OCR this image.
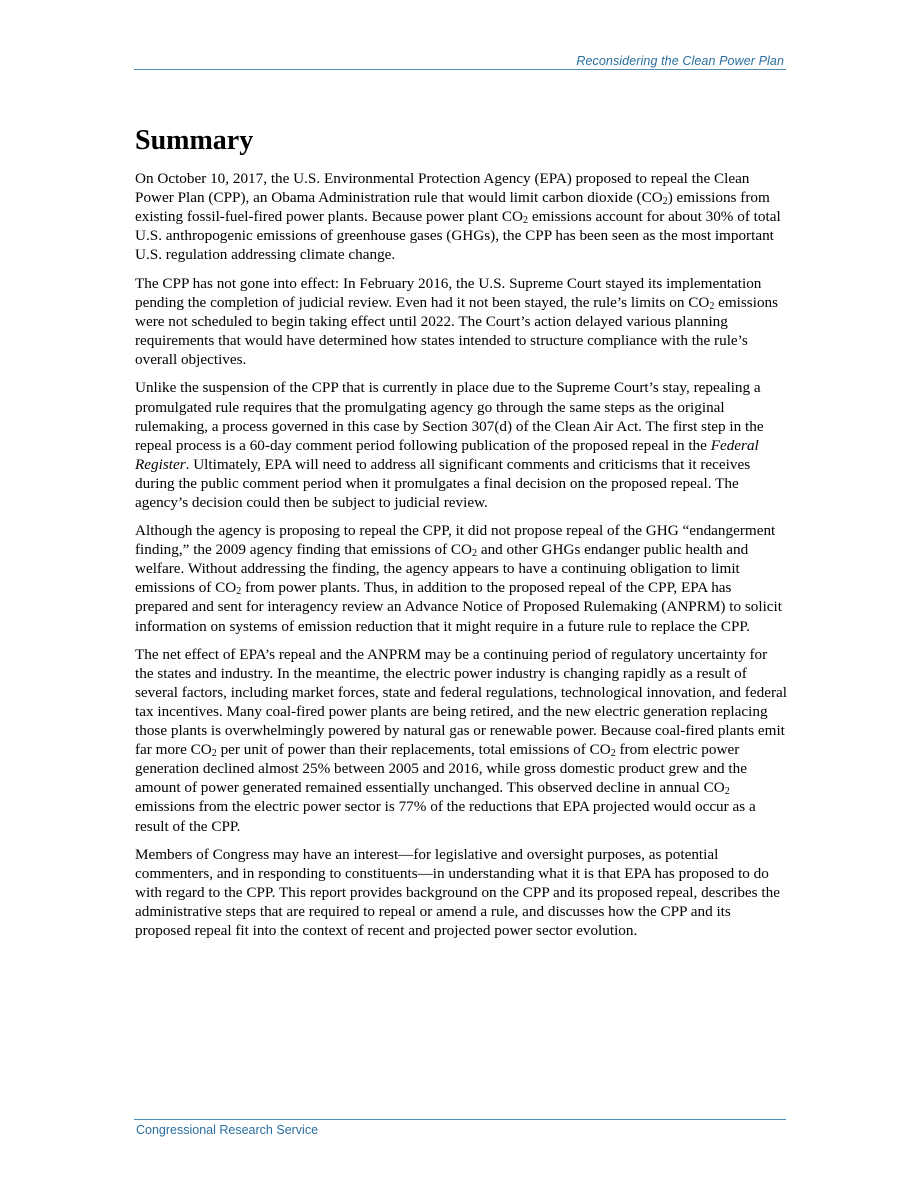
Reconsidering the Clean Power Plan
Summary

On October 10, 2017, the U.S. Environmental Protection Agency (EPA) proposed to repeal the Clean Power Plan (CPP), an Obama Administration rule that would limit carbon dioxide $(CO_2)$ emissions from existing fossil-fuel-fired power plants. Because power plant $CO_2$ emissions account for about 30% of total U.S. anthropogenic emissions of greenhouse gases (GHGs), the CPP has been seen as the most important U.S. regulation addressing climate change.

The CPP has not gone into effect: In February 2016, the U.S. Supreme Court stayed its implementation pending the completion of judicial review. Even had it not been stayed, the rule’s limits on $CO_2$ emissions were not scheduled to begin taking effect until 2022. The Court’s action delayed various planning requirements that would have determined how states intended to structure compliance with the rule’s overall objectives.

Unlike the suspension of the CPP that is currently in place due to the Supreme Court’s stay, repealing a promulgated rule requires that the promulgating agency go through the same steps as the original rulemaking, a process governed in this case by Section 307(d) of the Clean Air Act. The first step in the repeal process is a 60-day comment period following publication of the proposed repeal in the Federal Register. Ultimately, EPA will need to address all significant comments and criticisms that it receives during the public comment period when it promulgates a final decision on the proposed repeal. The agency’s decision could then be subject to judicial review.

Although the agency is proposing to repeal the CPP, it did not propose repeal of the GHG “endangerment finding,” the 2009 agency finding that emissions of $CO_2$ and other GHGs endanger public health and welfare. Without addressing the finding, the agency appears to have a continuing obligation to limit emissions of $CO_2$ from power plants. Thus, in addition to the proposed repeal of the CPP, EPA has prepared and sent for interagency review an Advance Notice of Proposed Rulemaking (ANPRM) to solicit information on systems of emission reduction that it might require in a future rule to replace the CPP.

The net effect of EPA’s repeal and the ANPRM may be a continuing period of regulatory uncertainty for the states and industry. In the meantime, the electric power industry is changing rapidly as a result of several factors, including market forces, state and federal regulations, technological innovation, and federal tax incentives. Many coal-fired power plants are being retired, and the new electric generation replacing those plants is overwhelmingly powered by natural gas or renewable power. Because coal-fired plants emit far more $CO_2$ per unit of power than their replacements, total emissions of $CO_2$ from electric power generation declined almost 25% between 2005 and 2016, while gross domestic product grew and the amount of power generated remained essentially unchanged. This observed decline in annual $CO_2$ emissions from the electric power sector is 77% of the reductions that EPA projected would occur as a result of the CPP.

Members of Congress may have an interest—for legislative and oversight purposes, as potential commenters, and in responding to constituents—in understanding what it is that EPA has proposed to do with regard to the CPP. This report provides background on the CPP and its proposed repeal, describes the administrative steps that are required to repeal or amend a rule, and discusses how the CPP and its proposed repeal fit into the context of recent and projected power sector evolution.

Congressional Research Service
